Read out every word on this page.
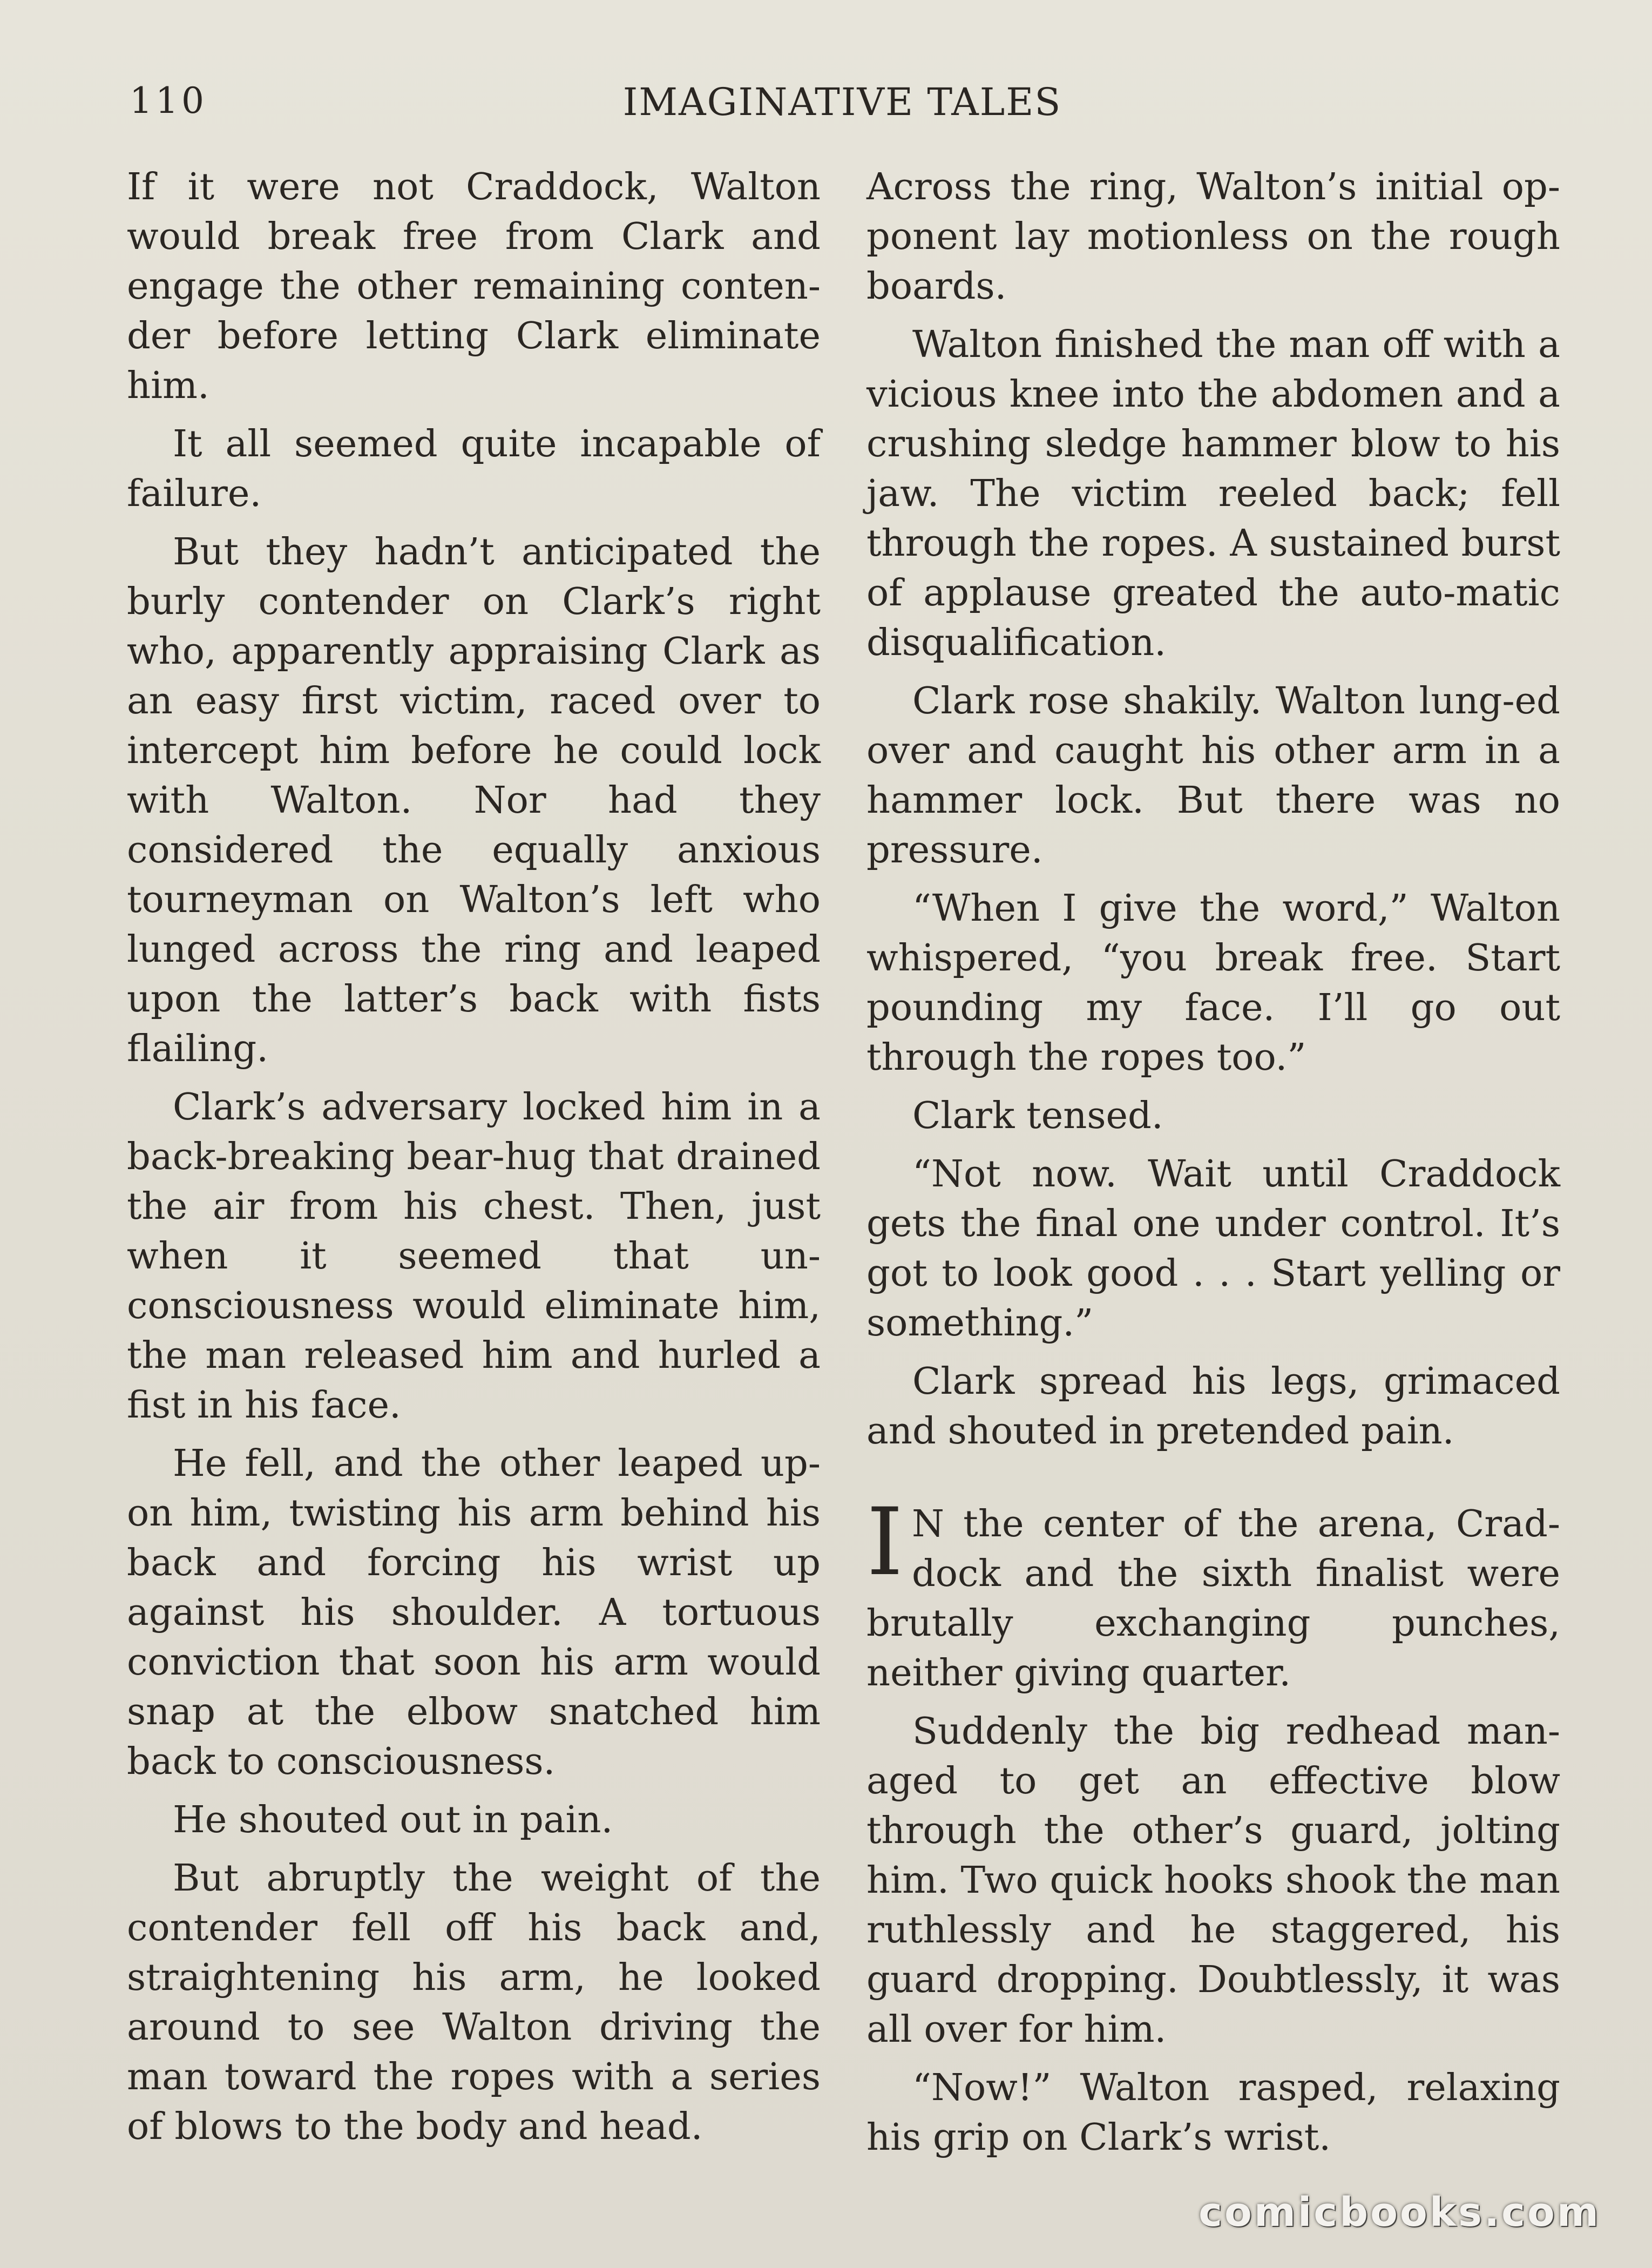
110	IMAGINATIVE TALES

If it were not Craddock, Walton would break free from Clark and engage the other remaining conten-der before letting Clark eliminate him.

It all seemed quite incapable of failure.

But they hadn’t anticipated the burly contender on Clark’s right who, apparently appraising Clark as an easy first victim, raced over to intercept him before he could lock with Walton. Nor had they considered the equally anxious tourneyman on Walton’s left who lunged across the ring and leaped upon the latter’s back with fists flailing.

Clark’s adversary locked him in a back-breaking bear-hug that drained the air from his chest. Then, just when it seemed that un-consciousness would eliminate him, the man released him and hurled a fist in his face.

He fell, and the other leaped up-on him, twisting his arm behind his back and forcing his wrist up against his shoulder. A tortuous conviction that soon his arm would snap at the elbow snatched him back to consciousness.

He shouted out in pain.

But abruptly the weight of the contender fell off his back and, straightening his arm, he looked around to see Walton driving the man toward the ropes with a series of blows to the body and head.

Across the ring, Walton’s initial op-ponent lay motionless on the rough boards.

Walton finished the man off with a vicious knee into the abdomen and a crushing sledge hammer blow to his jaw. The victim reeled back; fell through the ropes. A sustained burst of applause greated the auto-matic disqualification.

Clark rose shakily. Walton lung-ed over and caught his other arm in a hammer lock. But there was no pressure.

“When I give the word,” Walton whispered, “you break free. Start pounding my face. I’ll go out through the ropes too.”

Clark tensed.

“Not now. Wait until Craddock gets the final one under control. It’s got to look good . . . Start yelling or something.”

Clark spread his legs, grimaced and shouted in pretended pain.

I N the center of the arena, Crad-dock and the sixth finalist were brutally exchanging punches, neither giving quarter.

Suddenly the big redhead man-aged to get an effective blow through the other’s guard, jolting him. Two quick hooks shook the man ruthlessly and he staggered, his guard dropping. Doubtlessly, it was all over for him.

“Now!” Walton rasped, relaxing his grip on Clark’s wrist.

comicbooks.com
